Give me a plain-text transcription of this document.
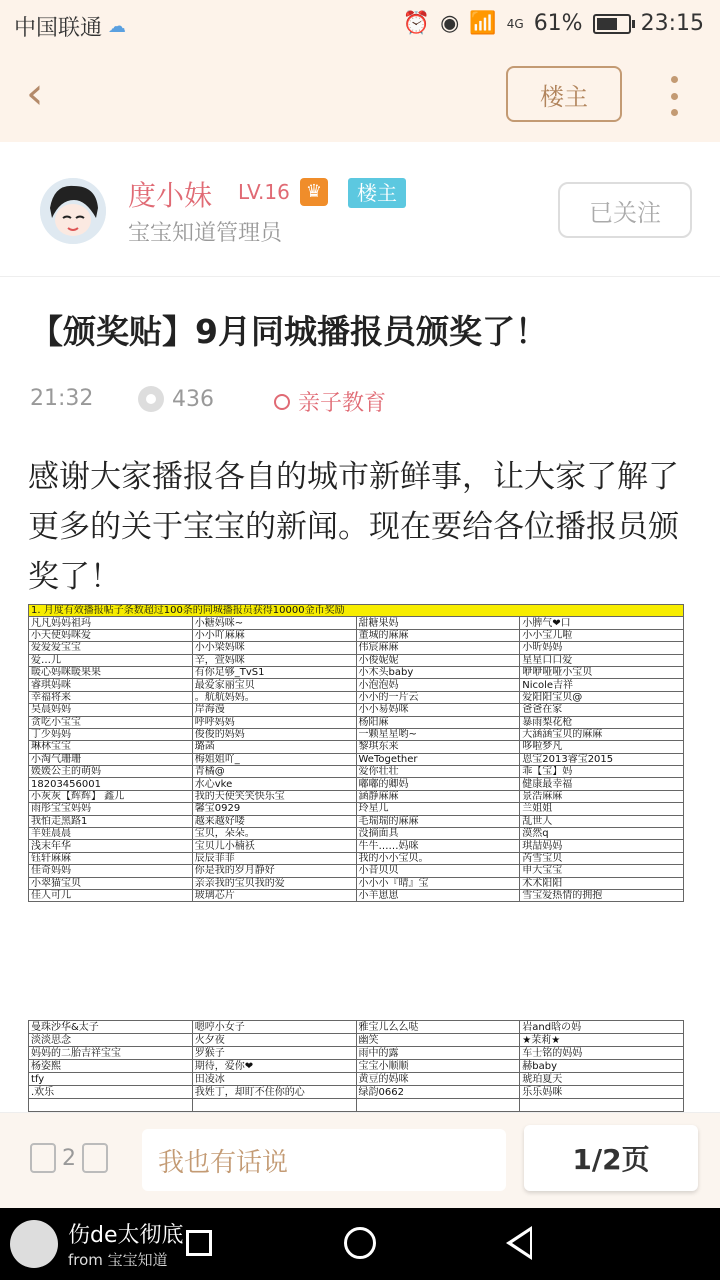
中国联通 ☁	⏰ ◉ 📶 4G 61%	23:15
‹	楼主
度小妹 LV.16 ♛	楼主
宝宝知道管理员
已关注
【颁奖贴】9月同城播报员颁奖了！
21:32	436	亲子教育
感谢大家播报各自的城市新鲜事，让大家了解了更多的关于宝宝的新闻。现在要给各位播报员颁奖了！
1. 月度有效播报帖子条数超过100条的同城播报员获得10000金币奖励			
凡凡妈妈祖玛	小糖妈咪~	甜糖果妈	小脾气❤口
小天使妈咪爱	小小吖麻麻	董城的麻麻	小小宝儿啦
爱爱爱宝宝	小小梁妈咪	伟宸麻麻	小昕妈妈
爱…儿	辛，萱妈咪	小俊妮妮	星星口口爱
暖心妈咪暖果果	有你足够_TvS1	小木头baby	咿咿哑哑小宝贝
睿琪妈咪	最爱家丽宝贝	小泡泡妈	Nicole吉祥
幸福将来	。航航妈妈。	小小的一片云	爱阳阳宝贝@
昊晨妈妈	岸海漫	小小易妈咪	爸爸在家
贪吃小宝宝	呼呼妈妈	杨阳麻	暴雨梨花枪
丁少妈妈	俊俊的妈妈	一颗星星哟~	大涵涵宝贝的麻麻
琳林宝宝	璐菡	黎琪东来	哆啦梦凡
小淘气珊珊	梅姐姐吖_	WeTogether	恩宝2013睿宝2015
媛媛公主的萌妈	青橘@	爱你壮壮	乖【宝】妈
18203456001	水心vke	嘟嘟的卿妈	健康最幸福
小灰灰【辉辉】 鑫儿	我的天使笑笑快乐宝	涵静麻麻	景浩麻麻
雨彤宝宝妈妈	馨宝0929	玲星儿	兰姐姐
我怕走黑路1	越来越好喽	毛瑞瑞的麻麻	乱世人
羊娃晨晨	宝贝，朵朵。	没摘面具	漠然q
浅末年华	宝贝儿小楠袄	牛牛……妈咪	琪喆妈妈
钰轩麻麻	辰辰菲菲	我的小小宝贝。	芮雪宝贝
佳奇妈妈	你是我的岁月静好	小昔贝贝	申大宝宝
小翠猫宝贝	亲亲我的宝贝我的爱	小小小『晴』宝	术术阳阳
佳人可儿	玻璃芯片	小羊崽崽	雪宝爱热情的拥抱
曼珠沙华&太子	嗯哼小女子	雅宝儿么么哒	岩and晗の妈
淡淡思念	火夕夜	幽笑	★茉莉★
妈妈的二胎吉祥宝宝	罗猴子	雨中的露	车士铭的妈妈
杨姿熙	期待，爱你❤	宝宝小顺顺	赫baby
tfy	田凌冰	黄豆的妈咪	琥珀夏天
.欢乐	我姓丁，却盯不住你的心	绿韵0662	乐乐妈咪

2	我也有话说	1/2页
伤de太彻底
from 宝宝知道
